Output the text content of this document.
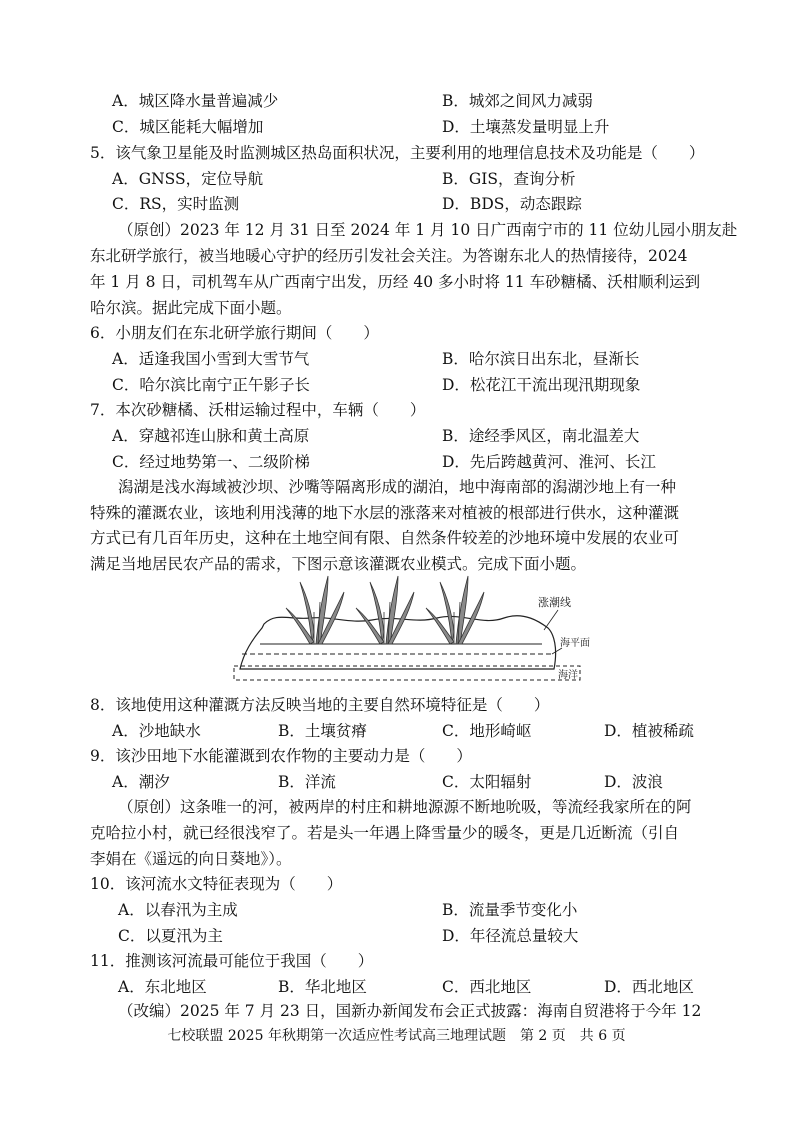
A．城区降水量普遍减少	B．城郊之间风力减弱
C．城区能耗大幅增加	D．土壤蒸发量明显上升
5．该气象卫星能及时监测城区热岛面积状况，主要利用的地理信息技术及功能是（　　）
A．GNSS，定位导航	B．GIS，查询分析
C．RS，实时监测	D．BDS，动态跟踪
（原创）2023 年 12 月 31 日至 2024 年 1 月 10 日广西南宁市的 11 位幼儿园小朋友赴
东北研学旅行，被当地暖心守护的经历引发社会关注。为答谢东北人的热情接待，2024
年 1 月 8 日，司机驾车从广西南宁出发，历经 40 多小时将 11 车砂糖橘、沃柑顺利运到
哈尔滨。据此完成下面小题。
6．小朋友们在东北研学旅行期间（　　）
A．适逢我国小雪到大雪节气	B．哈尔滨日出东北，昼渐长
C．哈尔滨比南宁正午影子长	D．松花江干流出现汛期现象
7．本次砂糖橘、沃柑运输过程中，车辆（　　）
A．穿越祁连山脉和黄土高原	B．途经季风区，南北温差大
C．经过地势第一、二级阶梯	D．先后跨越黄河、淮河、长江
潟湖是浅水海域被沙坝、沙嘴等隔离形成的湖泊，地中海南部的潟湖沙地上有一种
特殊的灌溉农业，该地利用浅薄的地下水层的涨落来对植被的根部进行供水，这种灌溉
方式已有几百年历史，这种在土地空间有限、自然条件较差的沙地环境中发展的农业可
满足当地居民农产品的需求，下图示意该灌溉农业模式。完成下面小题。
涨潮线
海平面
海洋
8．该地使用这种灌溉方法反映当地的主要自然环境特征是（　　）
A．沙地缺水	B．土壤贫瘠	C．地形崎岖	D．植被稀疏
9．该沙田地下水能灌溉到农作物的主要动力是（　　）
A．潮汐	B．洋流	C．太阳辐射	D．波浪
（原创）这条唯一的河，被两岸的村庄和耕地源源不断地吮吸，等流经我家所在的阿
克哈拉小村，就已经很浅窄了。若是头一年遇上降雪量少的暖冬，更是几近断流（引自
李娟在《遥远的向日葵地》）。
10．该河流水文特征表现为（　　）
A．以春汛为主成	B．流量季节变化小
C．以夏汛为主	D．年径流总量较大
11．推测该河流最可能位于我国（　　）
A．东北地区	B．华北地区	C．西北地区	D．西北地区
（改编）2025 年 7 月 23 日，国新办新闻发布会正式披露：海南自贸港将于今年 12
七校联盟 2025 年秋期第一次适应性考试高三地理试题　第 2 页　共 6 页
